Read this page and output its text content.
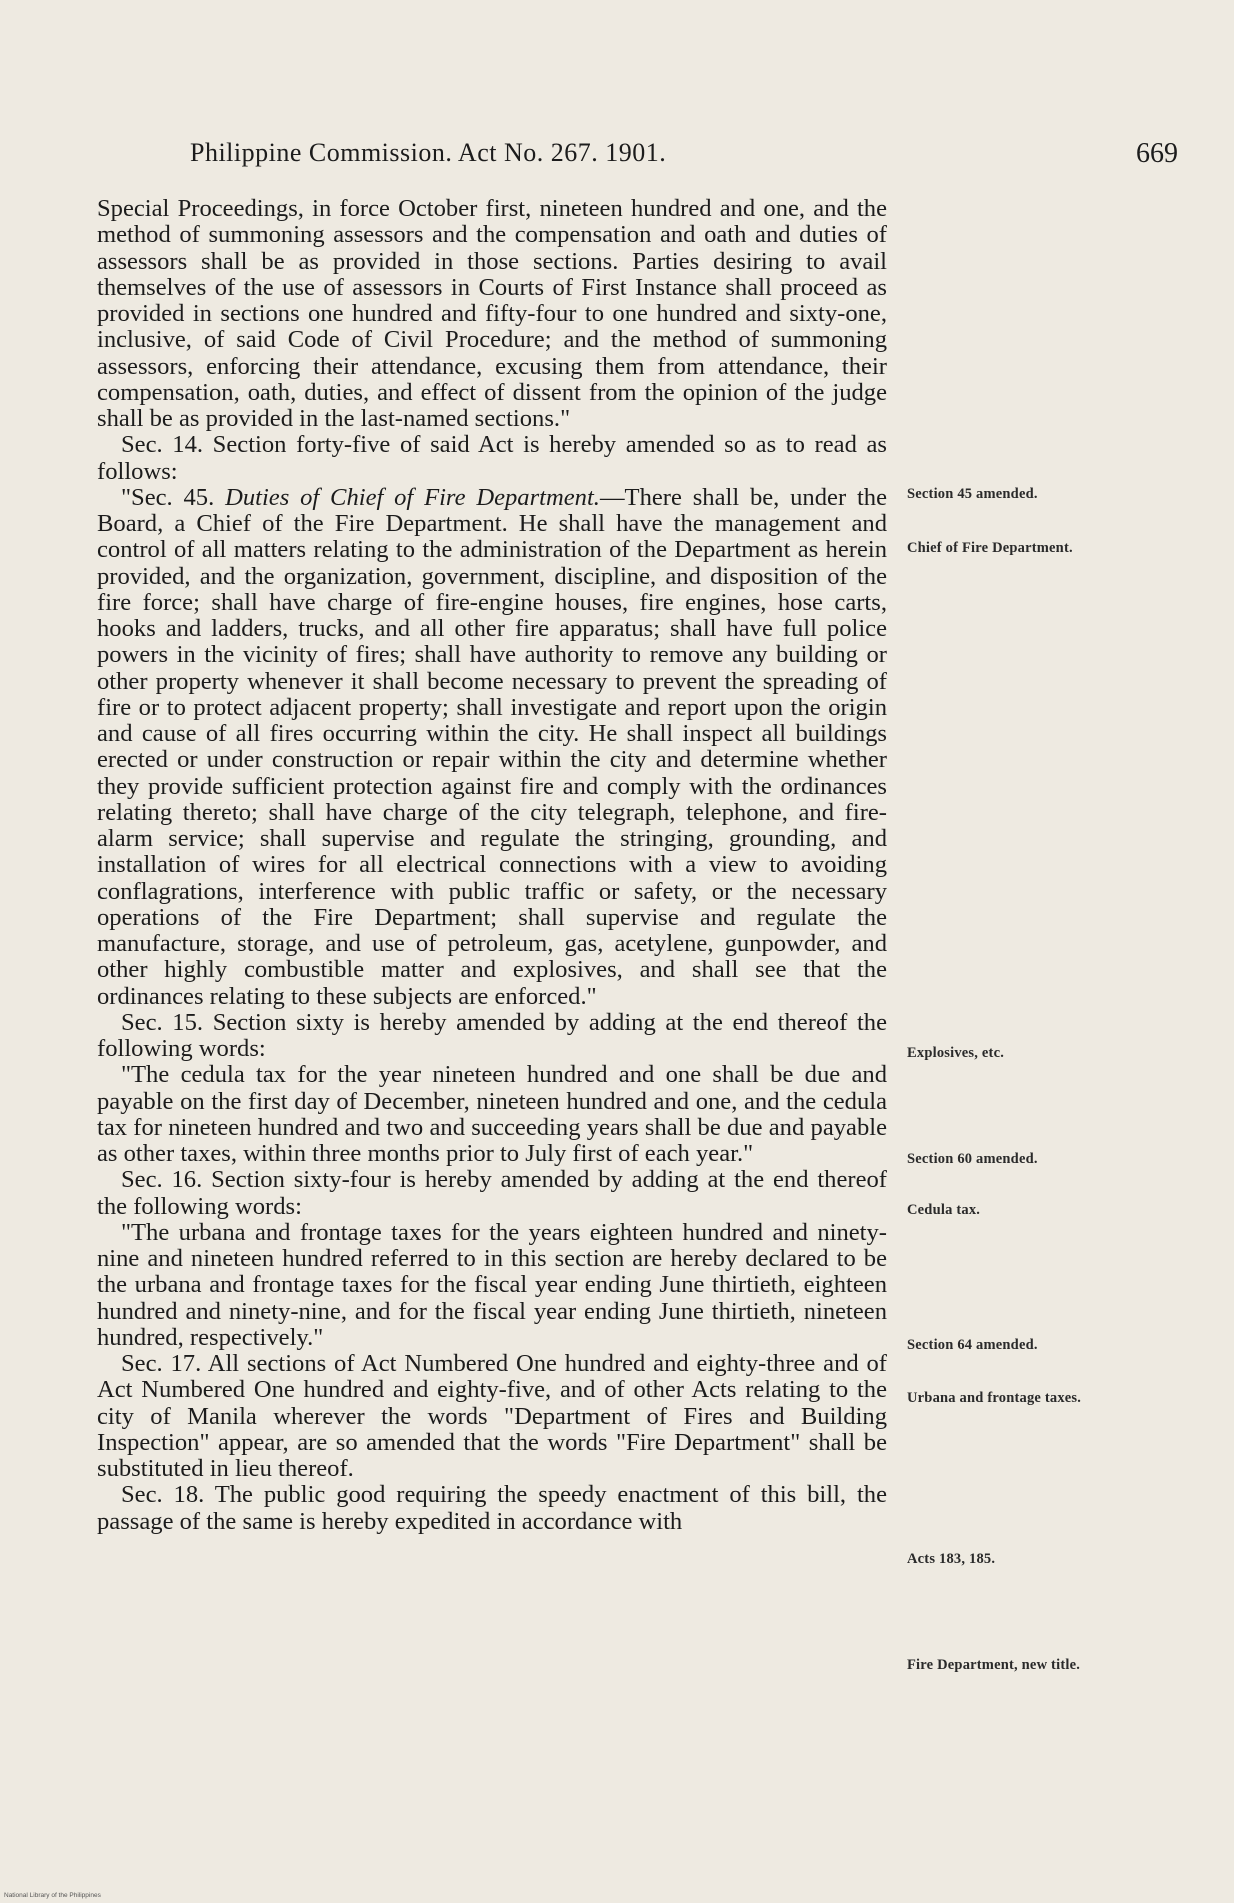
Philippine Commission. Act No. 267. 1901.	669

Special Proceedings, in force October first, nineteen hundred and one, and the method of summoning assessors and the compensation and oath and duties of assessors shall be as provided in those sections. Parties desiring to avail themselves of the use of assessors in Courts of First Instance shall proceed as provided in sections one hundred and fifty-four to one hundred and sixty-one, inclusive, of said Code of Civil Procedure; and the method of summoning assessors, enforcing their attendance, excusing them from attendance, their compensation, oath, duties, and effect of dissent from the opinion of the judge shall be as provided in the last-named sections."

Sec. 14. Section forty-five of said Act is hereby amended so as to read as follows:

"Sec. 45. Duties of Chief of Fire Department.—There shall be, under the Board, a Chief of the Fire Department. He shall have the management and control of all matters relating to the administration of the Department as herein provided, and the organization, government, discipline, and disposition of the fire force; shall have charge of fire-engine houses, fire engines, hose carts, hooks and ladders, trucks, and all other fire apparatus; shall have full police powers in the vicinity of fires; shall have authority to remove any building or other property whenever it shall become necessary to prevent the spreading of fire or to protect adjacent property; shall investigate and report upon the origin and cause of all fires occurring within the city. He shall inspect all buildings erected or under construction or repair within the city and determine whether they provide sufficient protection against fire and comply with the ordinances relating thereto; shall have charge of the city telegraph, telephone, and fire-alarm service; shall supervise and regulate the stringing, grounding, and installation of wires for all electrical connections with a view to avoiding conflagrations, interference with public traffic or safety, or the necessary operations of the Fire Department; shall supervise and regulate the manufacture, storage, and use of petroleum, gas, acetylene, gunpowder, and other highly combustible matter and explosives, and shall see that the ordinances relating to these subjects are enforced."

Sec. 15. Section sixty is hereby amended by adding at the end thereof the following words:

"The cedula tax for the year nineteen hundred and one shall be due and payable on the first day of December, nineteen hundred and one, and the cedula tax for nineteen hundred and two and succeeding years shall be due and payable as other taxes, within three months prior to July first of each year."

Sec. 16. Section sixty-four is hereby amended by adding at the end thereof the following words:

"The urbana and frontage taxes for the years eighteen hundred and ninety-nine and nineteen hundred referred to in this section are hereby declared to be the urbana and frontage taxes for the fiscal year ending June thirtieth, eighteen hundred and ninety-nine, and for the fiscal year ending June thirtieth, nineteen hundred, respectively."

Sec. 17. All sections of Act Numbered One hundred and eighty-three and of Act Numbered One hundred and eighty-five, and of other Acts relating to the city of Manila wherever the words "Department of Fires and Building Inspection" appear, are so amended that the words "Fire Department" shall be substituted in lieu thereof.

Sec. 18. The public good requiring the speedy enactment of this bill, the passage of the same is hereby expedited in accordance with

Section 45 amended.
Chief of Fire Department.
Explosives, etc.
Section 60 amended.
Cedula tax.
Section 64 amended.
Urbana and frontage taxes.
Acts 183, 185.
Fire Department, new title.
National Library of the Philippines
